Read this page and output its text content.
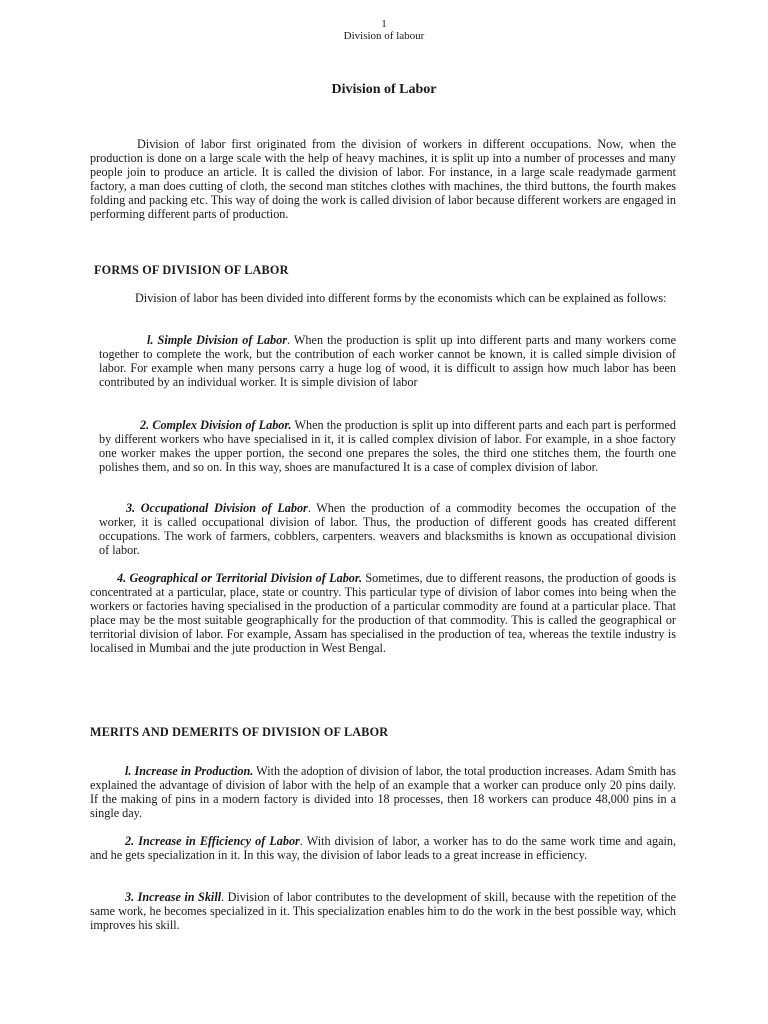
1
Division of labour
Division of Labor

Division of labor first originated from the division of workers in different occupations. Now, when the production is done on a large scale with the help of heavy machines, it is split up into a number of processes and many people join to produce an article. It is called the division of labor. For instance, in a large scale readymade garment factory, a man does cutting of cloth, the second man stitches clothes with machines, the third buttons, the fourth makes folding and packing etc. This way of doing the work is called division of labor because different workers are engaged in performing different parts of production.

FORMS OF DIVISION OF LABOR

Division of labor has been divided into different forms by the economists which can be explained as follows:

l. Simple Division of Labor. When the production is split up into different parts and many workers come together to complete the work, but the contribution of each worker cannot be known, it is called simple division of labor. For example when many persons carry a huge log of wood, it is difficult to assign how much labor has been contributed by an individual worker. It is simple division of labor

2. Complex Division of Labor. When the production is split up into different parts and each part is performed by different workers who have specialised in it, it is called complex division of labor. For example, in a shoe factory one worker makes the upper portion, the second one prepares the soles, the third one stitches them, the fourth one polishes them, and so on. In this way, shoes are manufactured It is a case of complex division of labor.

3. Occupational Division of Labor. When the production of a commodity becomes the occupation of the worker, it is called occupational division of labor. Thus, the production of different goods has created different occupations. The work of farmers, cobblers, carpenters. weavers and blacksmiths is known as occupational division of labor.

4. Geographical or Territorial Division of Labor. Sometimes, due to different reasons, the production of goods is concentrated at a particular, place, state or country. This particular type of division of labor comes into being when the workers or factories having specialised in the production of a particular commodity are found at a particular place. That place may be the most suitable geographically for the production of that commodity. This is called the geographical or territorial division of labor. For example, Assam has specialised in the production of tea, whereas the textile industry is localised in Mumbai and the jute production in West Bengal.

MERITS AND DEMERITS OF DIVISION OF LABOR

l. Increase in Production. With the adoption of division of labor, the total production increases. Adam Smith has explained the advantage of division of labor with the help of an example that a worker can produce only 20 pins daily. If the making of pins in a modern factory is divided into 18 processes, then 18 workers can produce 48,000 pins in a single day.

2. Increase in Efficiency of Labor. With division of labor, a worker has to do the same work time and again, and he gets specialization in it. In this way, the division of labor leads to a great increase in efficiency.

3. Increase in Skill. Division of labor contributes to the development of skill, because with the repetition of the same work, he becomes specialized in it. This specialization enables him to do the work in the best possible way, which improves his skill.
